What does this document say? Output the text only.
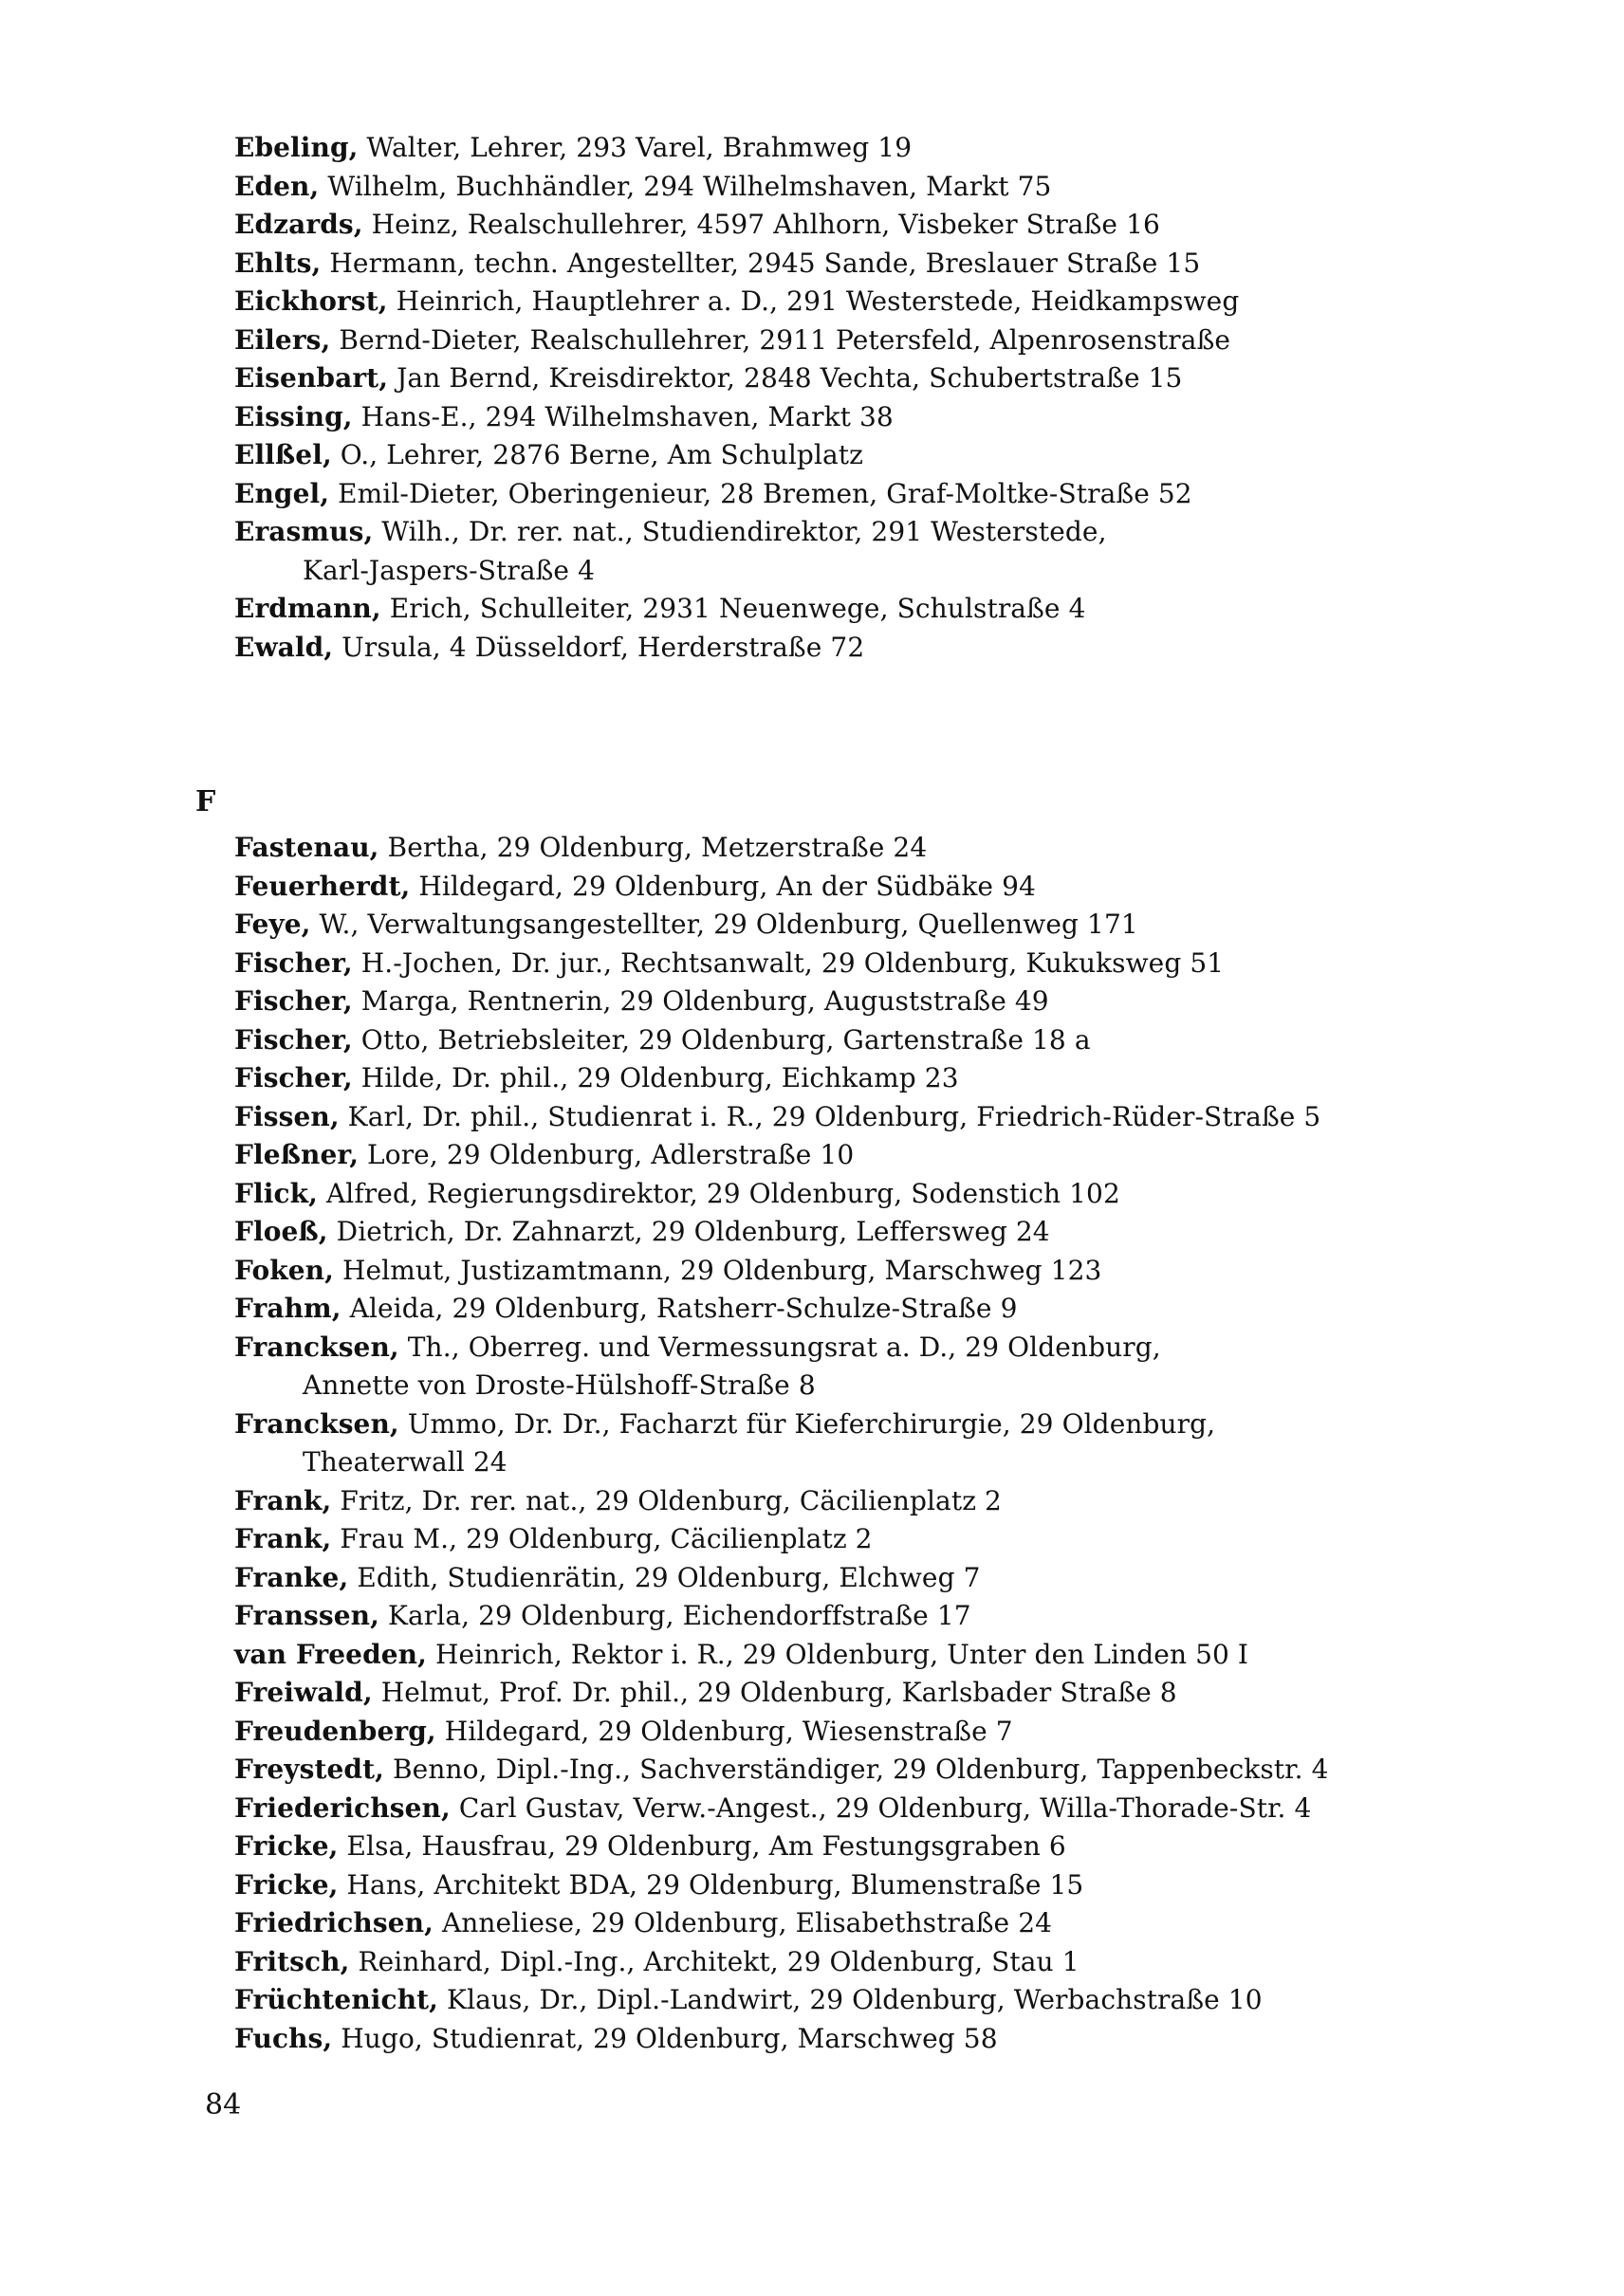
Ebeling, Walter, Lehrer, 293 Varel, Brahmweg 19
Eden, Wilhelm, Buchhändler, 294 Wilhelmshaven, Markt 75
Edzards, Heinz, Realschullehrer, 4597 Ahlhorn, Visbeker Straße 16
Ehlts, Hermann, techn. Angestellter, 2945 Sande, Breslauer Straße 15
Eickhorst, Heinrich, Hauptlehrer a. D., 291 Westerstede, Heidkampsweg
Eilers, Bernd-Dieter, Realschullehrer, 2911 Petersfeld, Alpenrosenstraße
Eisenbart, Jan Bernd, Kreisdirektor, 2848 Vechta, Schubertstraße 15
Eissing, Hans-E., 294 Wilhelmshaven, Markt 38
Ellßel, O., Lehrer, 2876 Berne, Am Schulplatz
Engel, Emil-Dieter, Oberingenieur, 28 Bremen, Graf-Moltke-Straße 52
Erasmus, Wilh., Dr. rer. nat., Studiendirektor, 291 Westerstede,
Karl-Jaspers-Straße 4
Erdmann, Erich, Schulleiter, 2931 Neuenwege, Schulstraße 4
Ewald, Ursula, 4 Düsseldorf, Herderstraße 72
F
Fastenau, Bertha, 29 Oldenburg, Metzerstraße 24
Feuerherdt, Hildegard, 29 Oldenburg, An der Südbäke 94
Feye, W., Verwaltungsangestellter, 29 Oldenburg, Quellenweg 171
Fischer, H.-Jochen, Dr. jur., Rechtsanwalt, 29 Oldenburg, Kukuksweg 51
Fischer, Marga, Rentnerin, 29 Oldenburg, Auguststraße 49
Fischer, Otto, Betriebsleiter, 29 Oldenburg, Gartenstraße 18 a
Fischer, Hilde, Dr. phil., 29 Oldenburg, Eichkamp 23
Fissen, Karl, Dr. phil., Studienrat i. R., 29 Oldenburg, Friedrich-Rüder-Straße 5
Fleßner, Lore, 29 Oldenburg, Adlerstraße 10
Flick, Alfred, Regierungsdirektor, 29 Oldenburg, Sodenstich 102
Floeß, Dietrich, Dr. Zahnarzt, 29 Oldenburg, Leffersweg 24
Foken, Helmut, Justizamtmann, 29 Oldenburg, Marschweg 123
Frahm, Aleida, 29 Oldenburg, Ratsherr-Schulze-Straße 9
Francksen, Th., Oberreg. und Vermessungsrat a. D., 29 Oldenburg,
Annette von Droste-Hülshoff-Straße 8
Francksen, Ummo, Dr. Dr., Facharzt für Kieferchirurgie, 29 Oldenburg,
Theaterwall 24
Frank, Fritz, Dr. rer. nat., 29 Oldenburg, Cäcilienplatz 2
Frank, Frau M., 29 Oldenburg, Cäcilienplatz 2
Franke, Edith, Studienrätin, 29 Oldenburg, Elchweg 7
Franssen, Karla, 29 Oldenburg, Eichendorffstraße 17
van Freeden, Heinrich, Rektor i. R., 29 Oldenburg, Unter den Linden 50 I
Freiwald, Helmut, Prof. Dr. phil., 29 Oldenburg, Karlsbader Straße 8
Freudenberg, Hildegard, 29 Oldenburg, Wiesenstraße 7
Freystedt, Benno, Dipl.-Ing., Sachverständiger, 29 Oldenburg, Tappenbeckstr. 4
Friederichsen, Carl Gustav, Verw.-Angest., 29 Oldenburg, Willa-Thorade-Str. 4
Fricke, Elsa, Hausfrau, 29 Oldenburg, Am Festungsgraben 6
Fricke, Hans, Architekt BDA, 29 Oldenburg, Blumenstraße 15
Friedrichsen, Anneliese, 29 Oldenburg, Elisabethstraße 24
Fritsch, Reinhard, Dipl.-Ing., Architekt, 29 Oldenburg, Stau 1
Früchtenicht, Klaus, Dr., Dipl.-Landwirt, 29 Oldenburg, Werbachstraße 10
Fuchs, Hugo, Studienrat, 29 Oldenburg, Marschweg 58
84
